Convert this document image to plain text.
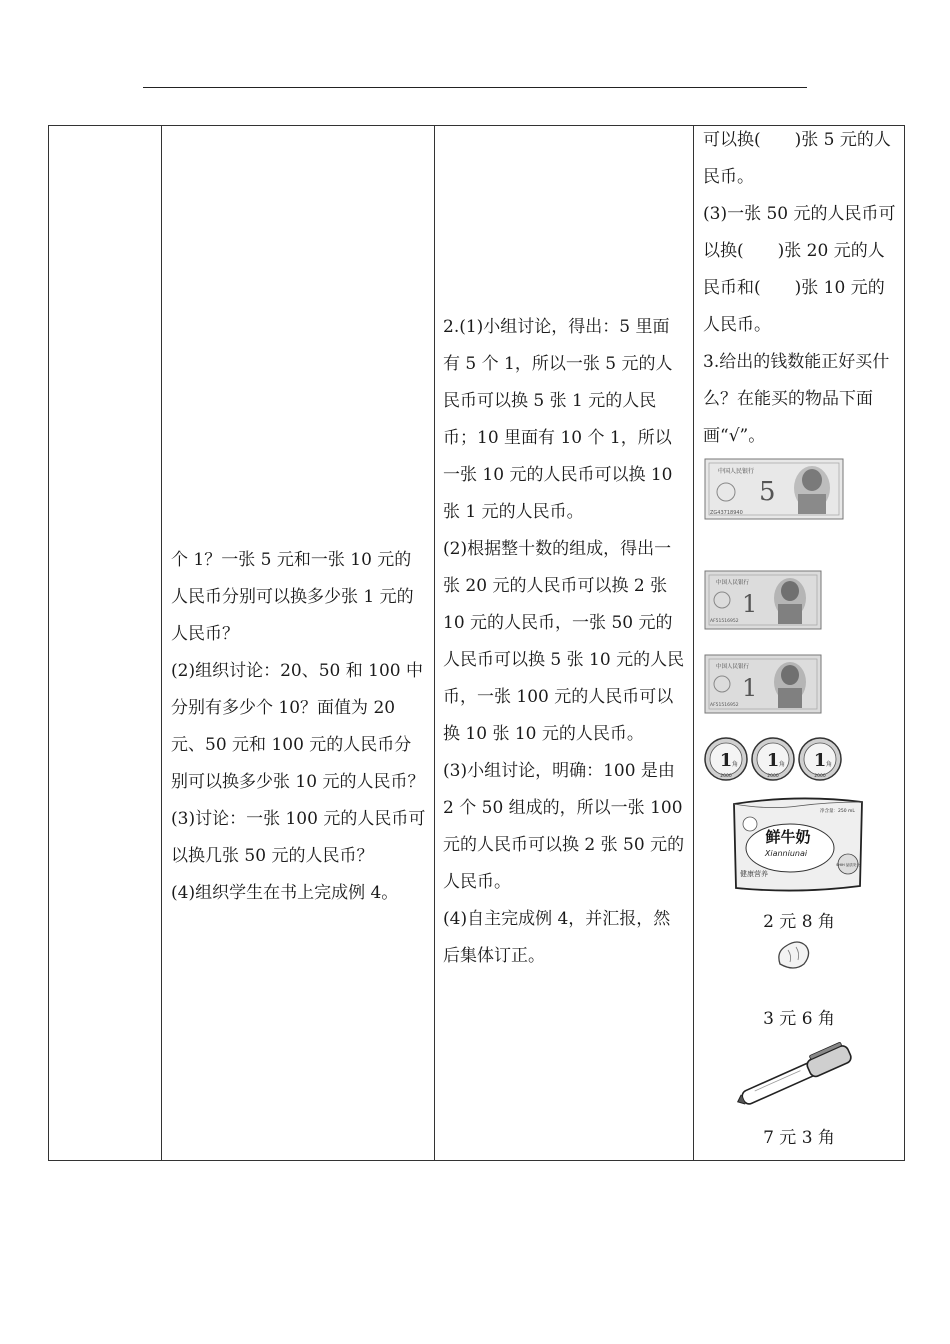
个 1？一张 5 元和一张 10 元的人民币分别可以换多少张 1 元的人民币？

(2)组织讨论：20、50 和 100 中分别有多少个 10？面值为 20 元、50 元和 100 元的人民币分别可以换多少张 10 元的人民币？

(3)讨论：一张 100 元的人民币可以换几张 50 元的人民币？

(4)组织学生在书上完成例 4。

2.(1)小组讨论，得出：5 里面有 5 个 1，所以一张 5 元的人民币可以换 5 张 1 元的人民币；10 里面有 10 个 1，所以一张 10 元的人民币可以换 10 张 1 元的人民币。

(2)根据整十数的组成，得出一张 20 元的人民币可以换 2 张 10 元的人民币，一张 50 元的人民币可以换 5 张 10 元的人民币，一张 100 元的人民币可以换 10 张 10 元的人民币。

(3)小组讨论，明确：100 是由 2 个 50 组成的，所以一张 100 元的人民币可以换 2 张 50 元的人民币。

(4)自主完成例 4，并汇报，然后集体订正。

可以换(　　)张 5 元的人民币。

(3)一张 50 元的人民币可以换(　　)张 20 元的人民币和(　　)张 10 元的人民币。

3.给出的钱数能正好买什么？在能买的物品下面画“√”。

中国人民银行
5
ZG43718940
中国人民银行
1
AF51516952
中国人民银行
1
AF51516952
1 角
2000
1 角
2000
1 角
2000
鲜牛奶
Xianniunai
净含量：250 mL
健康营养
SHIH 品质安全
2 元 8 角
3 元 6 角
7 元 3 角
